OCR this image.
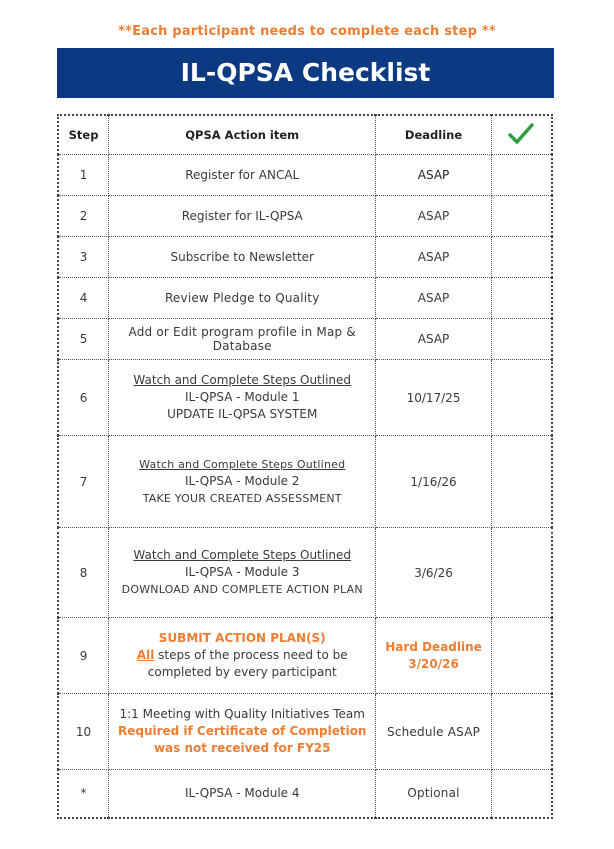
**Each participant needs to complete each step **
IL-QPSA Checklist
Step	QPSA Action item	Deadline	
1	Register for ANCAL	ASAP	
2	Register for IL-QPSA	ASAP	
3	Subscribe to Newsletter	ASAP	
4	Review Pledge to Quality	ASAP	
5	Add or Edit program profile in Map & Database	ASAP	
6	Watch and Complete Steps Outlined
IL-QPSA - Module 1
UPDATE IL-QPSA SYSTEM	10/17/25	
7	Watch and Complete Steps Outlined
IL-QPSA - Module 2
TAKE YOUR CREATED ASSESSMENT	1/16/26	
8	Watch and Complete Steps Outlined
IL-QPSA - Module 3
DOWNLOAD AND COMPLETE ACTION PLAN	3/6/26	
9	SUBMIT ACTION PLAN(S)
All steps of the process need to be
completed by every participant	Hard Deadline
3/20/26	

10	1:1 Meeting with Quality Initiatives Team
Required if Certificate of Completion
was not received for FY25	Schedule ASAP	
*	IL-QPSA - Module 4	Optional	
